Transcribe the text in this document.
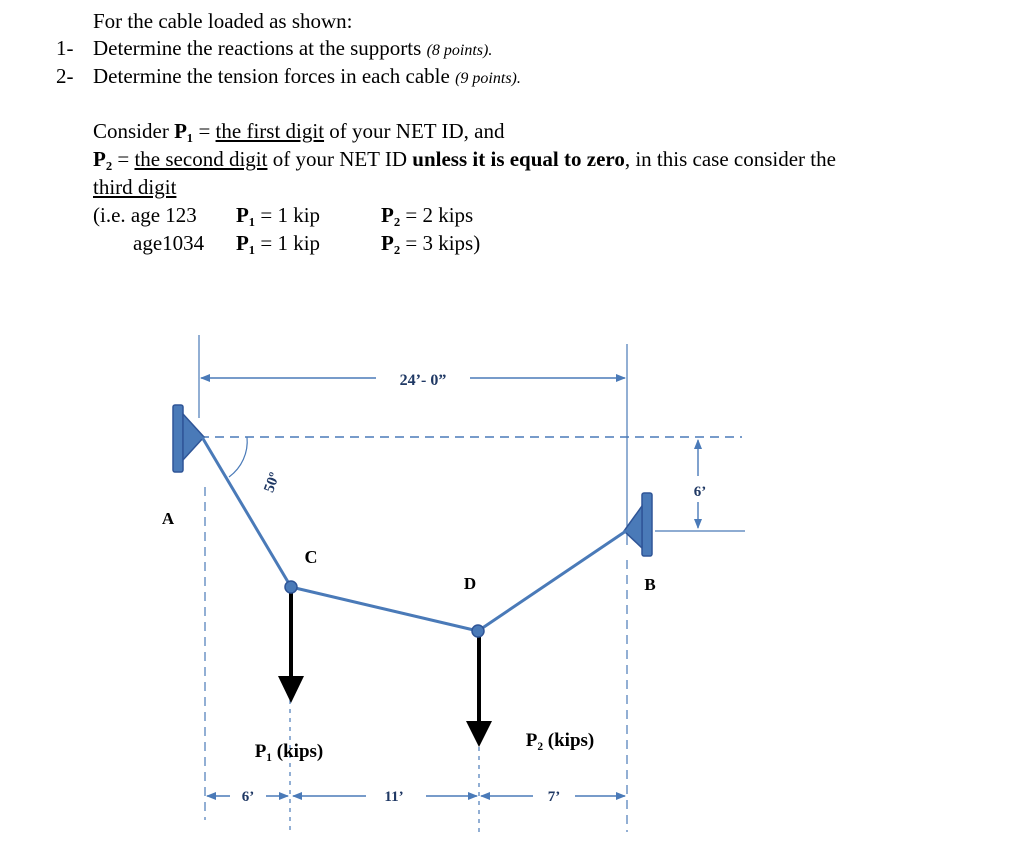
For the cable loaded as shown:
1- Determine the reactions at the supports (8 points).
2- Determine the tension forces in each cable (9 points).
Consider P₁ = the first digit of your NET ID, and
P₂ = the second digit of your NET ID unless it is equal to zero, in this case consider the
third digit
(i.e. age 123 P₁ = 1 kip	P₂ = 2 kips
age1034 P₁ = 1 kip	P₂ = 3 kips)
24’- 0”
6’
50º
A
B
C
D
P₁ (kips)
P₂ (kips)
6’	11’	7’
